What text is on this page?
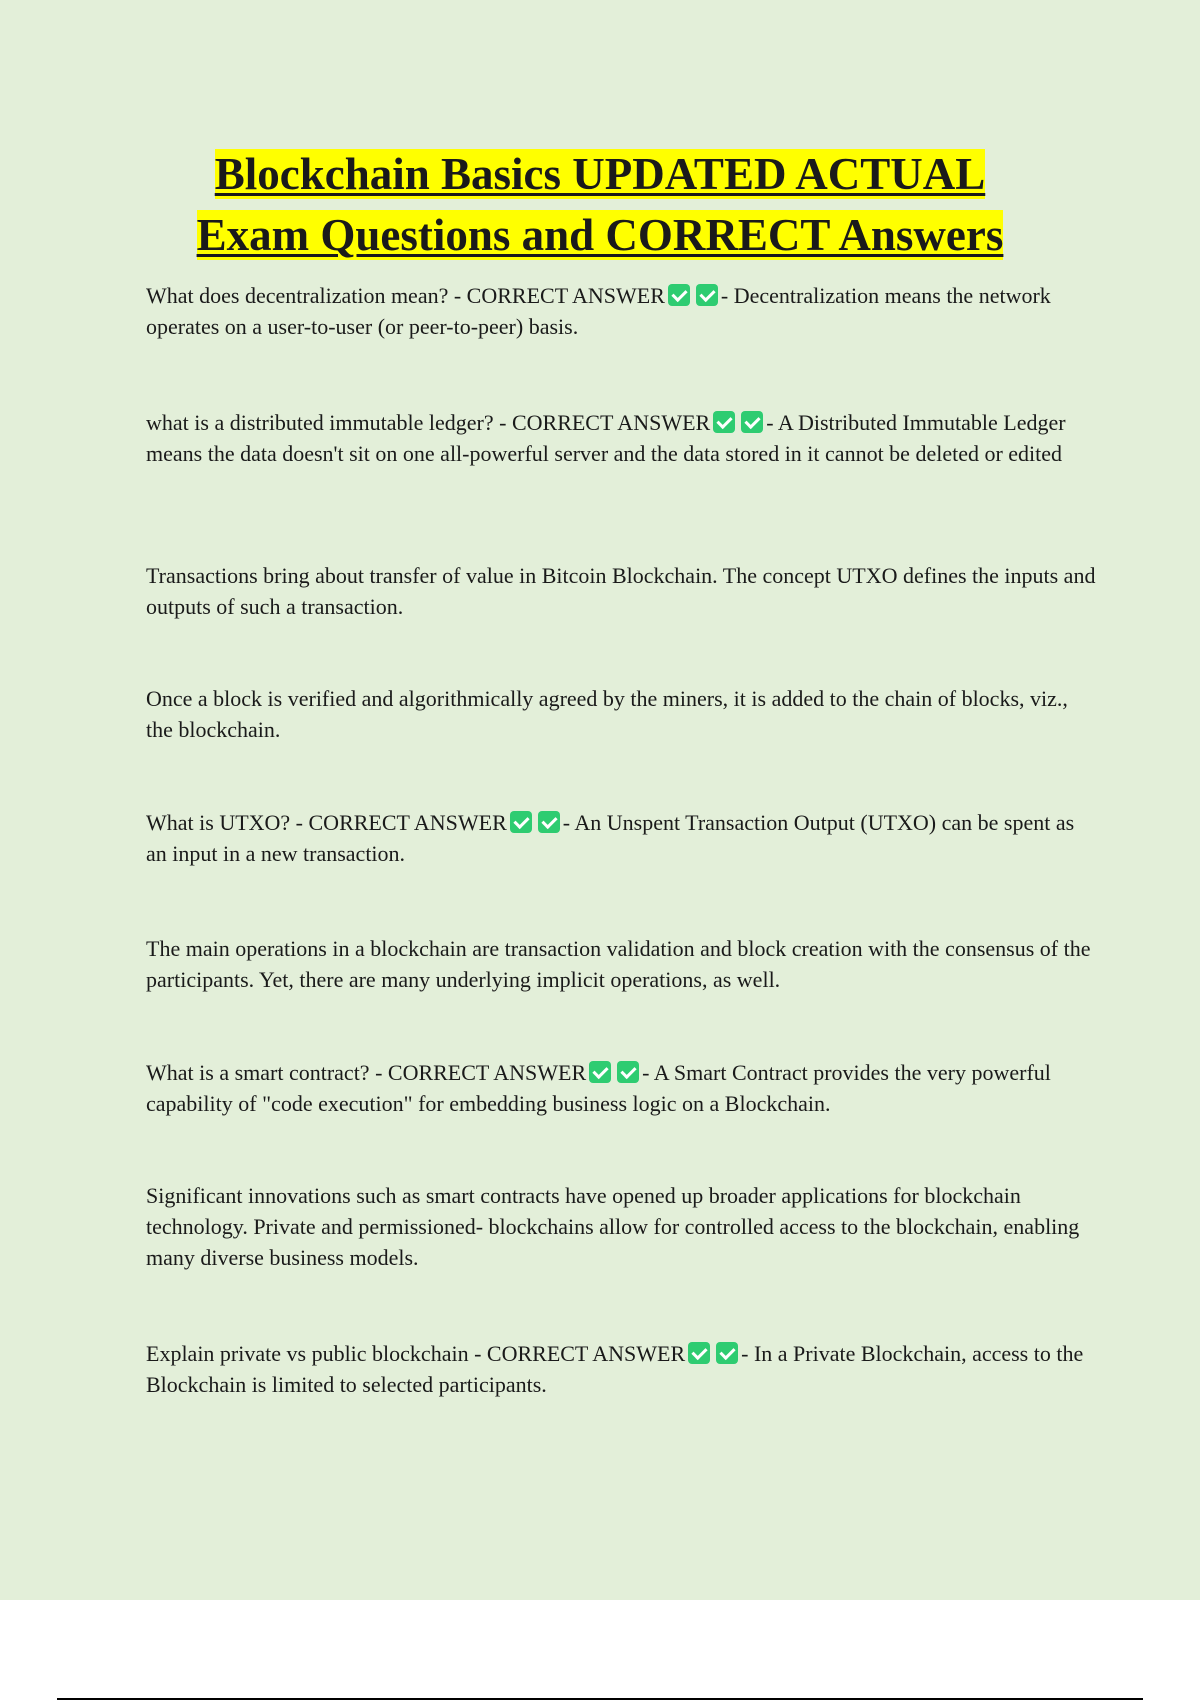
Blockchain Basics UPDATED ACTUAL
Exam Questions and CORRECT Answers

What does decentralization mean? - CORRECT ANSWER	- Decentralization means the network operates on a user-to-user (or peer-to-peer) basis.

what is a distributed immutable ledger? - CORRECT ANSWER	- A Distributed Immutable Ledger means the data doesn't sit on one all-powerful server and the data stored in it cannot be deleted or edited

Transactions bring about transfer of value in Bitcoin Blockchain. The concept UTXO defines the inputs and outputs of such a transaction.

Once a block is verified and algorithmically agreed by the miners, it is added to the chain of blocks, viz., the blockchain.

What is UTXO? - CORRECT ANSWER	- An Unspent Transaction Output (UTXO) can be spent as an input in a new transaction.

The main operations in a blockchain are transaction validation and block creation with the consensus of the participants. Yet, there are many underlying implicit operations, as well.

What is a smart contract? - CORRECT ANSWER	- A Smart Contract provides the very powerful capability of "code execution" for embedding business logic on a Blockchain.

Significant innovations such as smart contracts have opened up broader applications for blockchain technology. Private and permissioned- blockchains allow for controlled access to the blockchain, enabling many diverse business models.

Explain private vs public blockchain - CORRECT ANSWER	- In a Private Blockchain, access to the Blockchain is limited to selected participants.
